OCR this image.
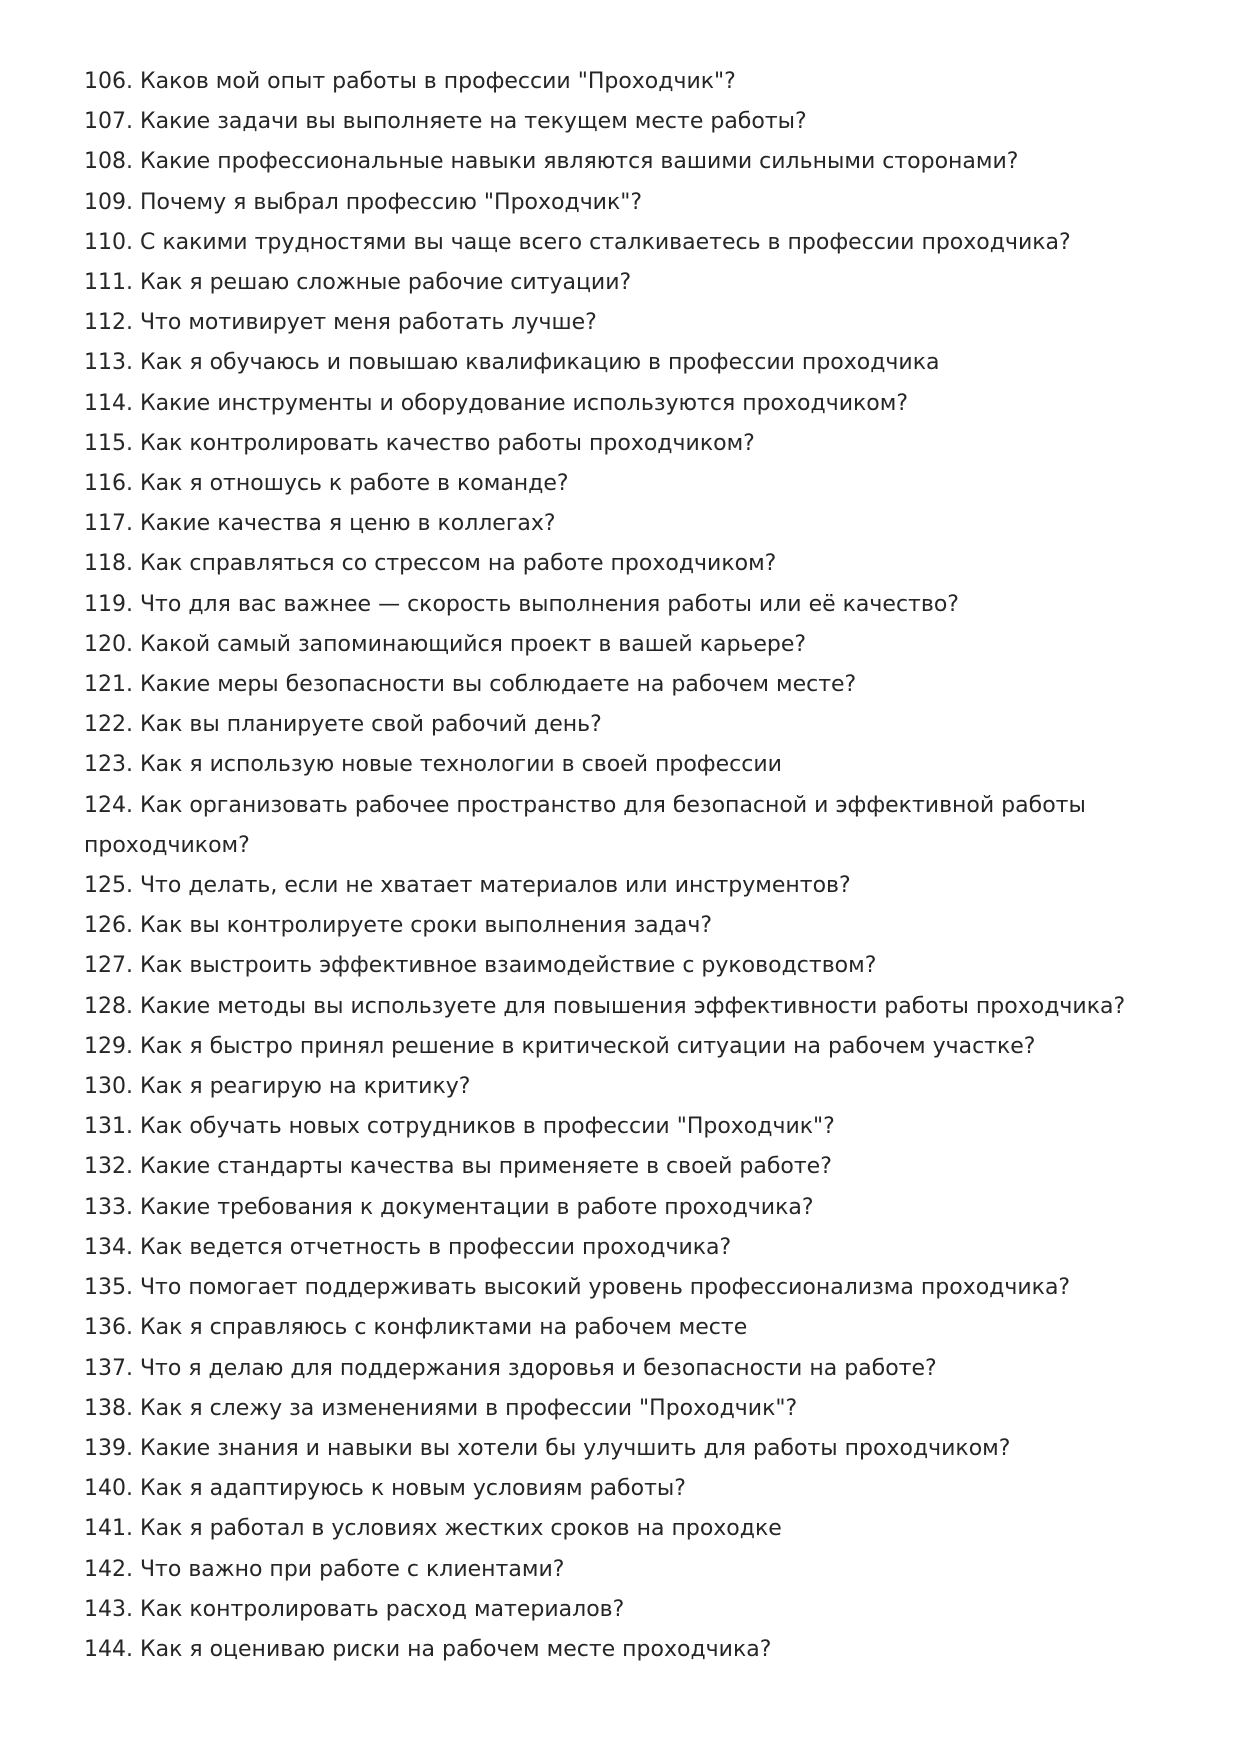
106. Каков мой опыт работы в профессии "Проходчик"?
107. Какие задачи вы выполняете на текущем месте работы?
108. Какие профессиональные навыки являются вашими сильными сторонами?
109. Почему я выбрал профессию "Проходчик"?
110. С какими трудностями вы чаще всего сталкиваетесь в профессии проходчика?
111. Как я решаю сложные рабочие ситуации?
112. Что мотивирует меня работать лучше?
113. Как я обучаюсь и повышаю квалификацию в профессии проходчика
114. Какие инструменты и оборудование используются проходчиком?
115. Как контролировать качество работы проходчиком?
116. Как я отношусь к работе в команде?
117. Какие качества я ценю в коллегах?
118. Как справляться со стрессом на работе проходчиком?
119. Что для вас важнее — скорость выполнения работы или её качество?
120. Какой самый запоминающийся проект в вашей карьере?
121. Какие меры безопасности вы соблюдаете на рабочем месте?
122. Как вы планируете свой рабочий день?
123. Как я использую новые технологии в своей профессии
124. Как организовать рабочее пространство для безопасной и эффективной работы проходчиком?
125. Что делать, если не хватает материалов или инструментов?
126. Как вы контролируете сроки выполнения задач?
127. Как выстроить эффективное взаимодействие с руководством?
128. Какие методы вы используете для повышения эффективности работы проходчика?
129. Как я быстро принял решение в критической ситуации на рабочем участке?
130. Как я реагирую на критику?
131. Как обучать новых сотрудников в профессии "Проходчик"?
132. Какие стандарты качества вы применяете в своей работе?
133. Какие требования к документации в работе проходчика?
134. Как ведется отчетность в профессии проходчика?
135. Что помогает поддерживать высокий уровень профессионализма проходчика?
136. Как я справляюсь с конфликтами на рабочем месте
137. Что я делаю для поддержания здоровья и безопасности на работе?
138. Как я слежу за изменениями в профессии "Проходчик"?
139. Какие знания и навыки вы хотели бы улучшить для работы проходчиком?
140. Как я адаптируюсь к новым условиям работы?
141. Как я работал в условиях жестких сроков на проходке
142. Что важно при работе с клиентами?
143. Как контролировать расход материалов?
144. Как я оцениваю риски на рабочем месте проходчика?
